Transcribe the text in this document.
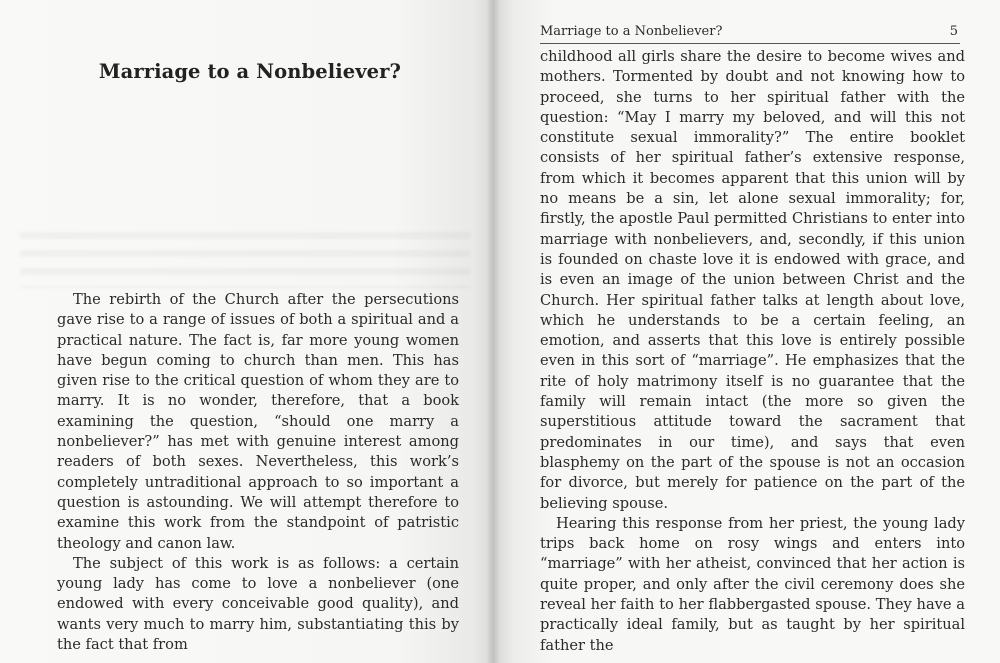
Marriage to a Nonbeliever?

The rebirth of the Church after the persecutions gave rise to a range of issues of both a spiritual and a practical nature. The fact is, far more young women have begun coming to church than men. This has given rise to the critical question of whom they are to marry. It is no wonder, therefore, that a book examining the question, “should one marry a nonbeliever?” has met with genuine interest among readers of both sexes. Nevertheless, this work’s completely untraditional approach to so important a question is astounding. We will attempt therefore to examine this work from the standpoint of patristic theology and canon law.

The subject of this work is as follows: a certain young lady has come to love a nonbeliever (one endowed with every conceivable good quality), and wants very much to marry him, substantiating this by the fact that from

Marriage to a Nonbeliever?	5

childhood all girls share the desire to become wives and mothers. Tormented by doubt and not knowing how to proceed, she turns to her spiritual father with the question: “May I marry my beloved, and will this not constitute sexual immorality?” The entire booklet consists of her spiritual father’s extensive response, from which it becomes apparent that this union will by no means be a sin, let alone sexual immorality; for, firstly, the apostle Paul permitted Christians to enter into marriage with nonbelievers, and, secondly, if this union is founded on chaste love it is endowed with grace, and is even an image of the union between Christ and the Church. Her spiritual father talks at length about love, which he understands to be a certain feeling, an emotion, and asserts that this love is entirely possible even in this sort of “marriage”. He emphasizes that the rite of holy matrimony itself is no guarantee that the family will remain intact (the more so given the superstitious attitude toward the sacrament that predominates in our time), and says that even blasphemy on the part of the spouse is not an occasion for divorce, but merely for patience on the part of the believing spouse.

Hearing this response from her priest, the young lady trips back home on rosy wings and enters into “marriage” with her atheist, convinced that her action is quite proper, and only after the civil ceremony does she reveal her faith to her flabbergasted spouse. They have a practically ideal family, but as taught by her spiritual father the
